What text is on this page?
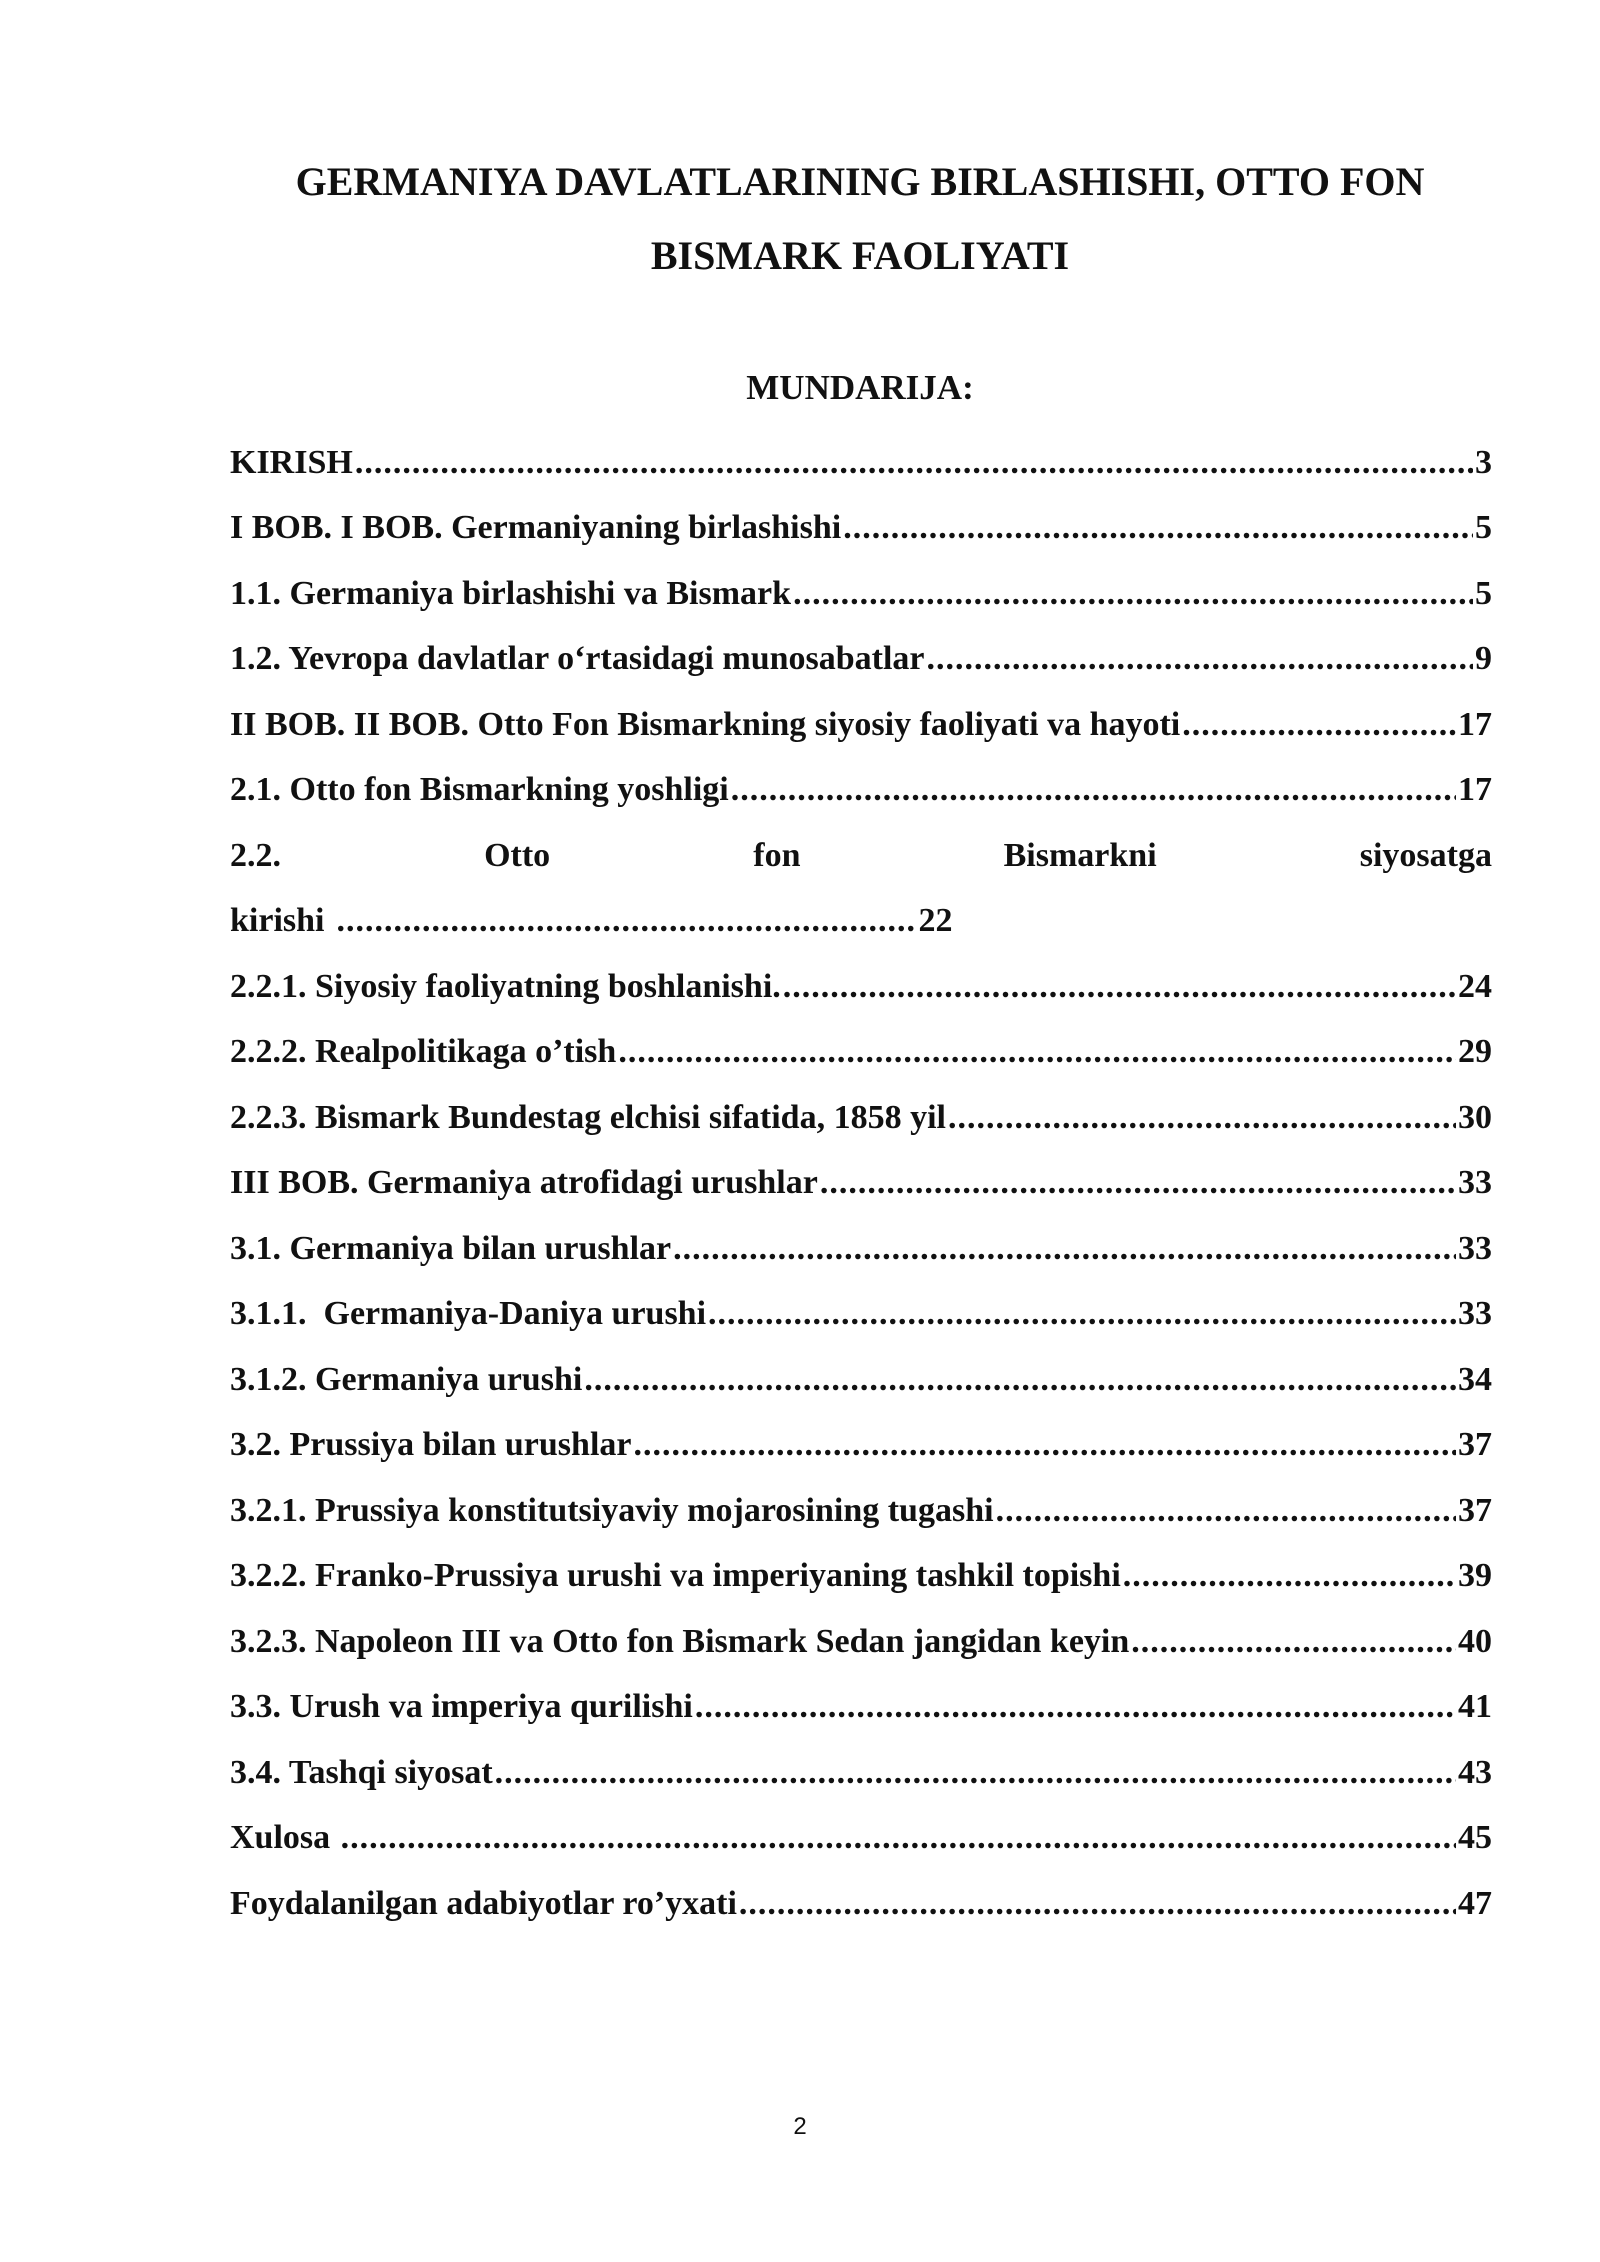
GERMANIYA DAVLATLARINING BIRLASHISHI, OTTO FON
BISMARK FAOLIYATI
MUNDARIJA:
KIRISH .....	3
I BOB. I BOB. Germaniyaning birlashishi .....	5
1.1. Germaniya birlashishi va Bismark .....	5
1.2. Yevropa davlatlar o‘rtasidagi munosabatlar .....	9
II BOB. II BOB. Otto Fon Bismarkning siyosiy faoliyati va hayoti .....	17
2.1. Otto fon Bismarkning yoshligi .....	17
2.2.	Otto	fon	Bismarkni	siyosatga
kirishi .....	22
2.2.1. Siyosiy faoliyatning boshlanishi. .....	24
2.2.2. Realpolitikaga o’tish .....	29
2.2.3. Bismark Bundestag elchisi sifatida, 1858 yil .....	30
III BOB. Germaniya atrofidagi urushlar .....	33
3.1. Germaniya bilan urushlar .....	33
3.1.1.  Germaniya-Daniya urushi .....	33
3.1.2. Germaniya urushi .....	34
3.2. Prussiya bilan urushlar .....	37
3.2.1. Prussiya konstitutsiyaviy mojarosining tugashi .....	37
3.2.2. Franko-Prussiya urushi va imperiyaning tashkil topishi .....	39
3.2.3. Napoleon III va Otto fon Bismark Sedan jangidan keyin .....	40
3.3. Urush va imperiya qurilishi .....	41
3.4. Tashqi siyosat .....	43
Xulosa .....	45
Foydalanilgan adabiyotlar ro’yxati .....	47
2
